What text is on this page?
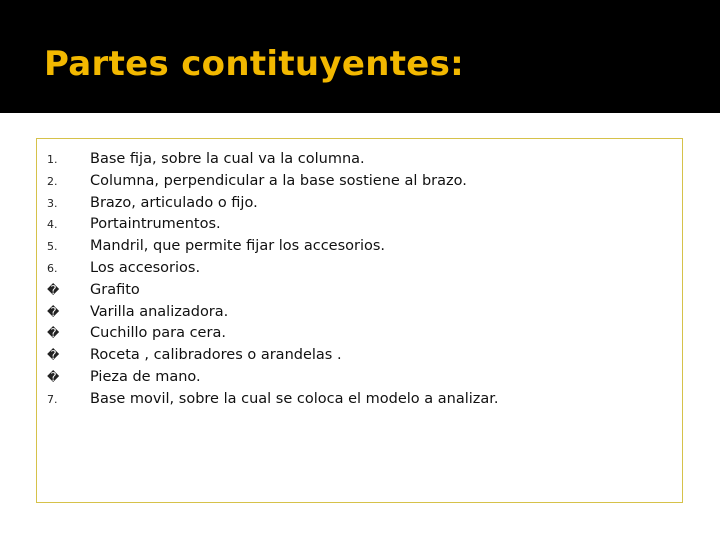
Partes contituyentes:
1.	Base fija, sobre la cual va la columna.
2.	Columna, perpendicular a la base sostiene al brazo.
3.	Brazo, articulado o fijo.
4.	Portaintrumentos.
5.	Mandril, que permite fijar los accesorios.
6.	Los accesorios.
�	Grafito
�	Varilla analizadora.
�	Cuchillo para cera.
�	Roceta , calibradores o arandelas .
�	Pieza de mano.
7.	Base movil, sobre la cual se coloca el modelo a analizar.
